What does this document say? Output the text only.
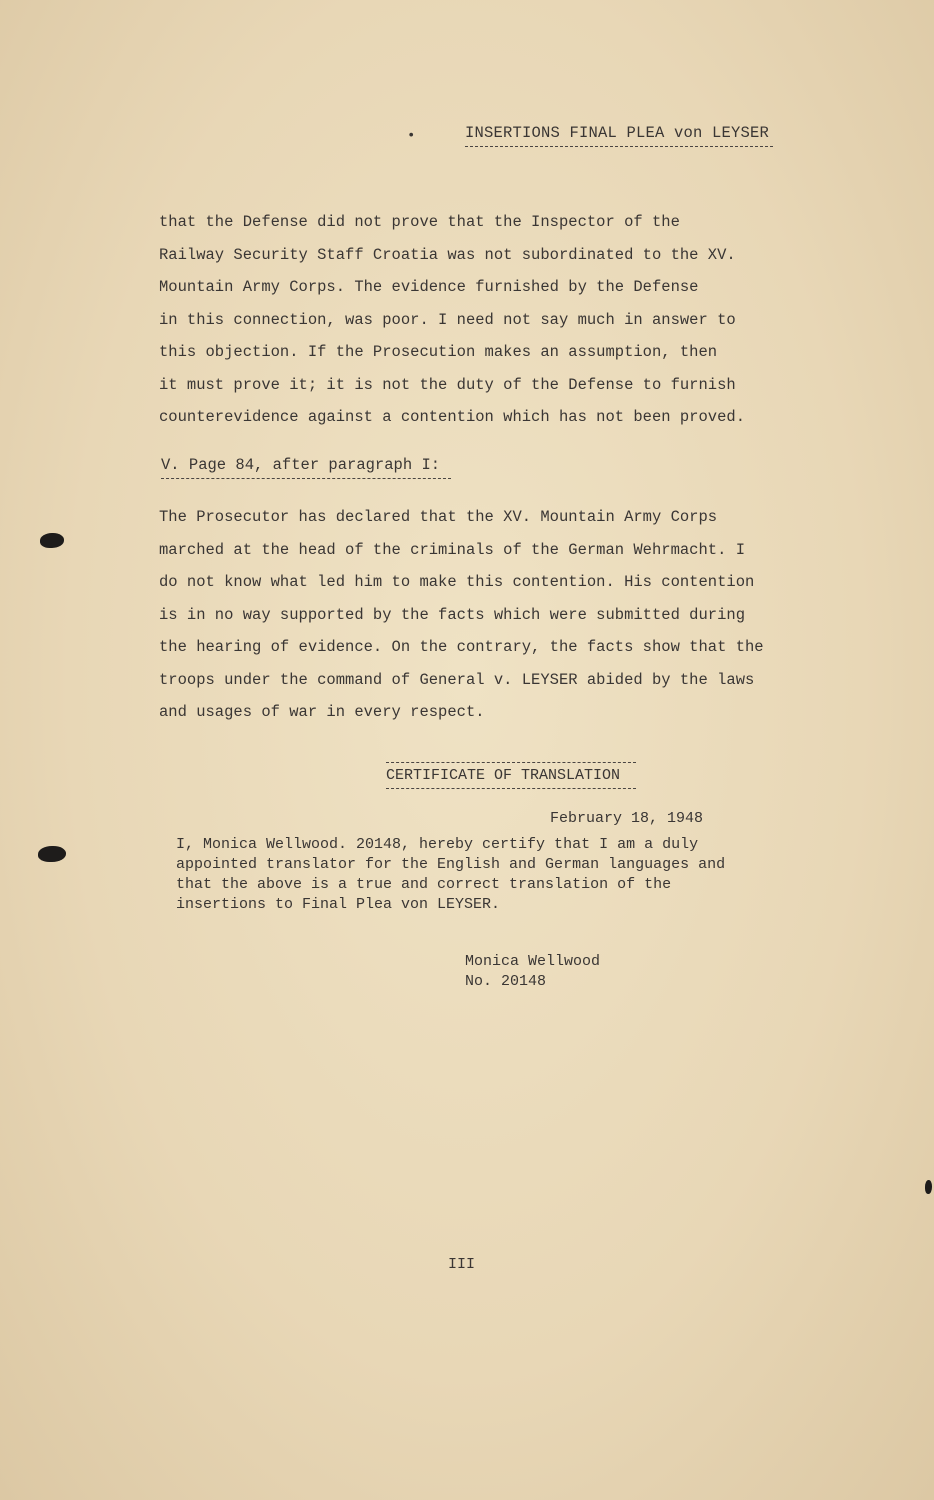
•	INSERTIONS FINAL PLEA von LEYSER
that the Defense did not prove that the Inspector of the
Railway Security Staff Croatia was not subordinated to the XV.
Mountain Army Corps. The evidence furnished by the Defense
in this connection, was poor. I need not say much in answer to
this objection. If the Prosecution makes an assumption, then
it must prove it; it is not the duty of the Defense to furnish
counterevidence against a contention which has not been proved.
V. Page 84, after paragraph I:
The Prosecutor has declared that the XV. Mountain Army Corps
marched at the head of the criminals of the German Wehrmacht. I
do not know what led him to make this contention. His contention
is in no way supported by the facts which were submitted during
the hearing of evidence. On the contrary, the facts show that the
troops under the command of General v. LEYSER abided by the laws
and usages of war in every respect.
CERTIFICATE OF TRANSLATION
February 18, 1948
I, Monica Wellwood. 20148, hereby certify that I am a duly
appointed translator for the English and German languages and
that the above is a true and correct translation of the
insertions to Final Plea von LEYSER.
Monica Wellwood
No. 20148
III
